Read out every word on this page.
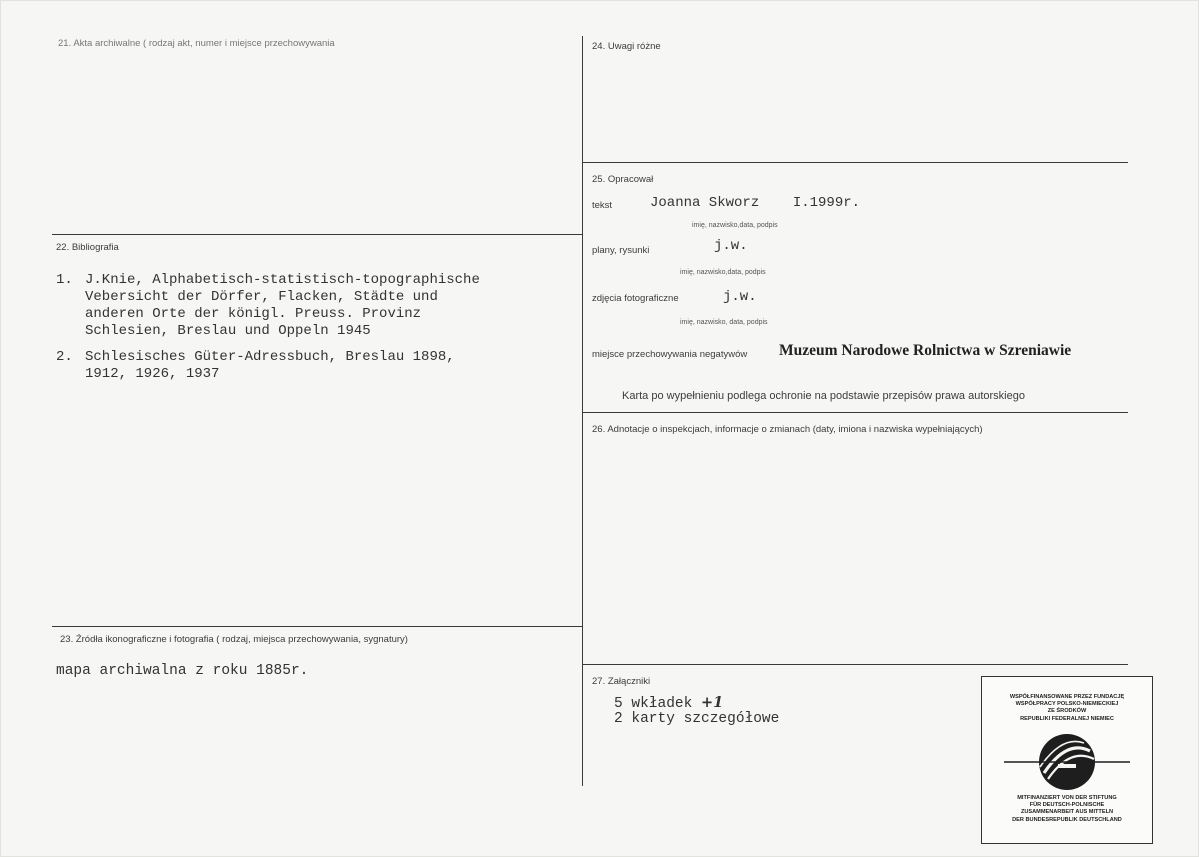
21. Akta archiwalne ( rodzaj akt, numer i miejsce przechowywania
22. Bibliografia
1. J.Knie, Alphabetisch-statistisch-topographische
Vebersicht der Dörfer, Flacken, Städte und
anderen Orte der königl. Preuss. Provinz
Schlesien, Breslau und Oppeln 1945
2. Schlesisches Güter-Adressbuch, Breslau 1898,
1912, 1926, 1937
23. Źródła ikonograficzne i fotografia ( rodzaj, miejsca przechowywania, sygnatury)
mapa archiwalna z roku 1885r.
24. Uwagi różne
25. Opracował
tekst	Joanna Skworz    I.1999r.
imię, nazwisko,data, podpis
plany, rysunki	j.w.
imię, nazwisko,data, podpis
zdjęcia fotograficzne	j.w.
imię, nazwisko, data, podpis
miejsce przechowywania negatywów Muzeum Narodowe Rolnictwa w Szreniawie
Karta po wypełnieniu podlega ochronie na podstawie przepisów prawa autorskiego
26. Adnotacje o inspekcjach, informacje o zmianach (daty, imiona i nazwiska wypełniających)
27. Załączniki
5 wkładek +1
2 karty szczegółowe
WSPÓŁFINANSOWANE PRZEZ FUNDACJĘ
WSPÓŁPRACY POLSKO-NIEMIECKIEJ
ZE ŚRODKÓW
REPUBLIKI FEDERALNEJ NIEMIEC
MITFINANZIERT VON DER STIFTUNG
FÜR DEUTSCH-POLNISCHE
ZUSAMMENARBEIT AUS MITTELN
DER BUNDESREPUBLIK DEUTSCHLAND
